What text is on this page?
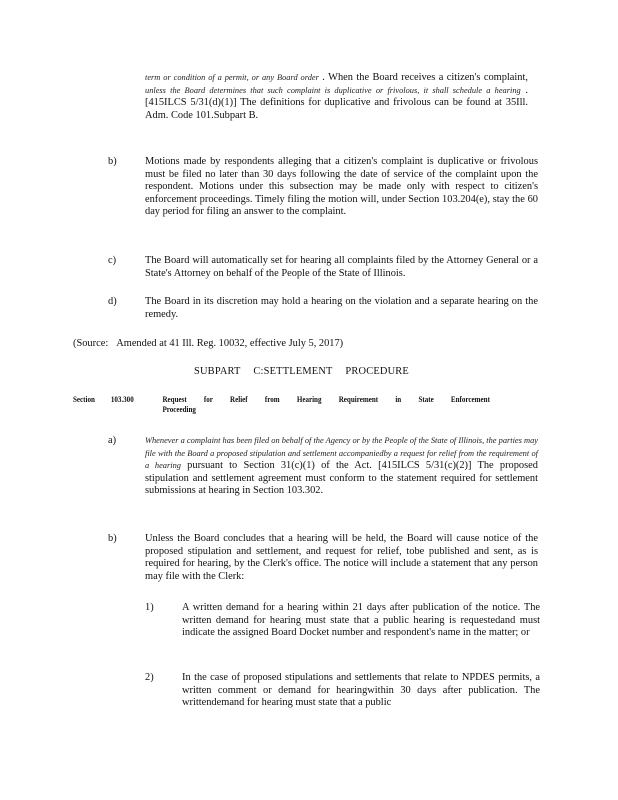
term or condition of a permit, or any Board order . When the Board receives a citizen's complaint, unless the Board determines that such complaint is duplicative or frivolous, it shall schedule a hearing . [415ILCS 5/31(d)(1)] The definitions for duplicative and frivolous can be found at 35Ill. Adm. Code 101.Subpart B.
b)	Motions made by respondents alleging that a citizen's complaint is duplicative or frivolous must be filed no later than 30 days following the date of service of the complaint upon the respondent. Motions under this subsection may be made only with respect to citizen's enforcement proceedings. Timely filing the motion will, under Section 103.204(e), stay the 60 day period for filing an answer to the complaint.
c)	The Board will automatically set for hearing all complaints filed by the Attorney General or a State's Attorney on behalf of the People of the State of Illinois.
d)	The Board in its discretion may hold a hearing on the violation and a separate hearing on the remedy.
(Source: Amended at 41 Ill. Reg. 10032, effective July 5, 2017)
SUBPART C:SETTLEMENT PROCEDURE
Section 103.300	Request for Relief from Hearing Requirement in State Enforcement Proceeding
a)	Whenever a complaint has been filed on behalf of the Agency or by the People of the State of Illinois, the parties may file with the Board a proposed stipulation and settlement accompaniedby a request for relief from the requirement of a hearing pursuant to Section 31(c)(1) of the Act. [415ILCS 5/31(c)(2)] The proposed stipulation and settlement agreement must conform to the statement required for settlement submissions at hearing in Section 103.302.
b)	Unless the Board concludes that a hearing will be held, the Board will cause notice of the proposed stipulation and settlement, and request for relief, tobe published and sent, as is required for hearing, by the Clerk's office. The notice will include a statement that any person may file with the Clerk:
1)	A written demand for a hearing within 21 days after publication of the notice. The written demand for hearing must state that a public hearing is requestedand must indicate the assigned Board Docket number and respondent's name in the matter; or
2)	In the case of proposed stipulations and settlements that relate to NPDES permits, a written comment or demand for hearingwithin 30 days after publication. The writtendemand for hearing must state that a public
